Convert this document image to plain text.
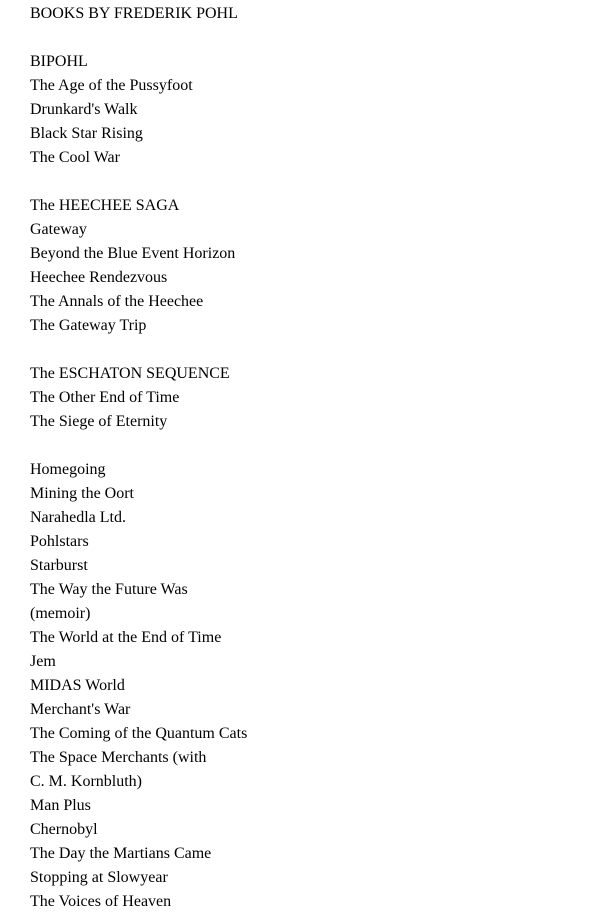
BOOKS BY FREDERIK POHL
BIPOHL
The Age of the Pussyfoot
Drunkard's Walk
Black Star Rising
The Cool War
The HEECHEE SAGA
Gateway
Beyond the Blue Event Horizon
Heechee Rendezvous
The Annals of the Heechee
The Gateway Trip
The ESCHATON SEQUENCE
The Other End of Time
The Siege of Eternity
Homegoing
Mining the Oort
Narahedla Ltd.
Pohlstars
Starburst
The Way the Future Was
(memoir)
The World at the End of Time
Jem
MIDAS World
Merchant's War
The Coming of the Quantum Cats
The Space Merchants (with
C. M. Kornbluth)
Man Plus
Chernobyl
The Day the Martians Came
Stopping at Slowyear
The Voices of Heaven
